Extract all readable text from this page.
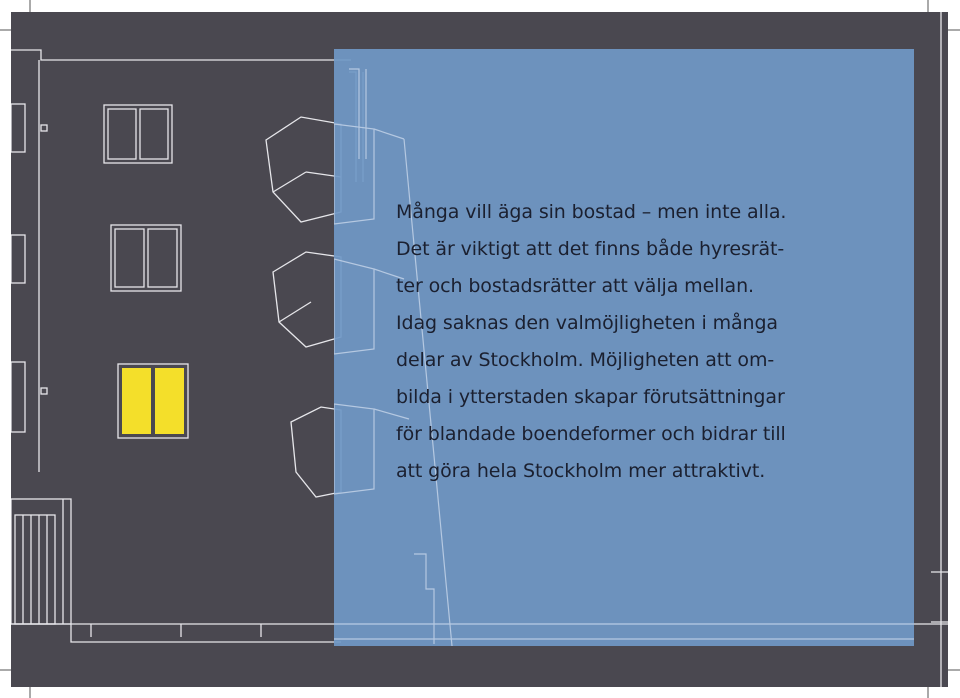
Många vill äga sin bostad – men inte alla.
Det är viktigt att det finns både hyresrät-
ter och bostadsrätter att välja mellan.
Idag saknas den valmöjligheten i många
delar av Stockholm. Möjligheten att om-
bilda i ytterstaden skapar förutsättningar
för blandade boendeformer och bidrar till
att göra hela Stockholm mer attraktivt.
